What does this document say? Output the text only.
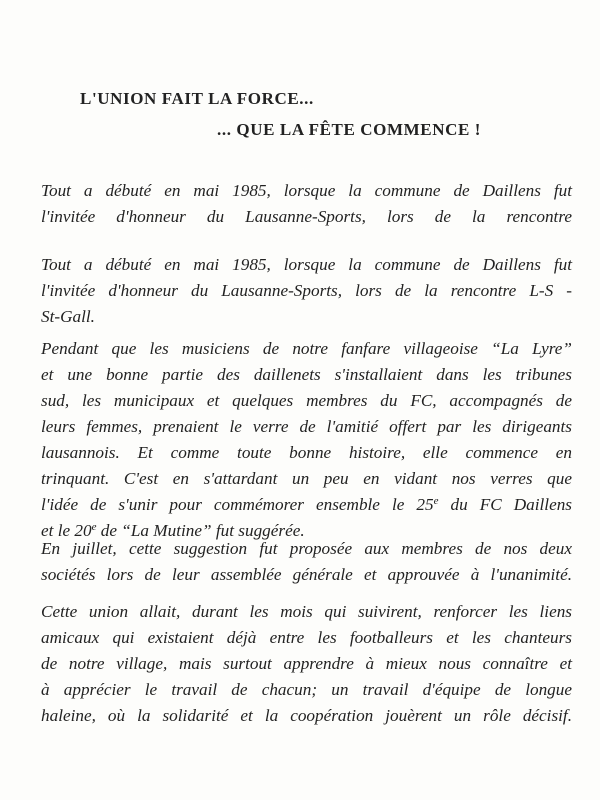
L'UNION FAIT LA FORCE...
... QUE LA FÊTE COMMENCE !
Tout a débuté en mai 1985, lorsque la commune de Daillens fut
l'invitée d'honneur du Lausanne-Sports, lors de la rencontre
Tout a débuté en mai 1985, lorsque la commune de Daillens fut
l'invitée d'honneur du Lausanne-Sports, lors de la rencontre L-S -
St-Gall.
Pendant que les musiciens de notre fanfare villageoise “La Lyre”
et une bonne partie des daillenets s'installaient dans les tribunes
sud, les municipaux et quelques membres du FC, accompagnés de
leurs femmes, prenaient le verre de l'amitié offert par les dirigeants
lausannois. Et comme toute bonne histoire, elle commence en
trinquant. C'est en s'attardant un peu en vidant nos verres que
l'idée de s'unir pour commémorer ensemble le 25e du FC Daillens
et le 20e de “La Mutine” fut suggérée.
En juillet, cette suggestion fut proposée aux membres de nos deux
sociétés lors de leur assemblée générale et approuvée à l'unanimité.
Cette union allait, durant les mois qui suivirent, renforcer les liens
amicaux qui existaient déjà entre les footballeurs et les chanteurs
de notre village, mais surtout apprendre à mieux nous connaître et
à apprécier le travail de chacun; un travail d'équipe de longue
haleine, où la solidarité et la coopération jouèrent un rôle décisif.
